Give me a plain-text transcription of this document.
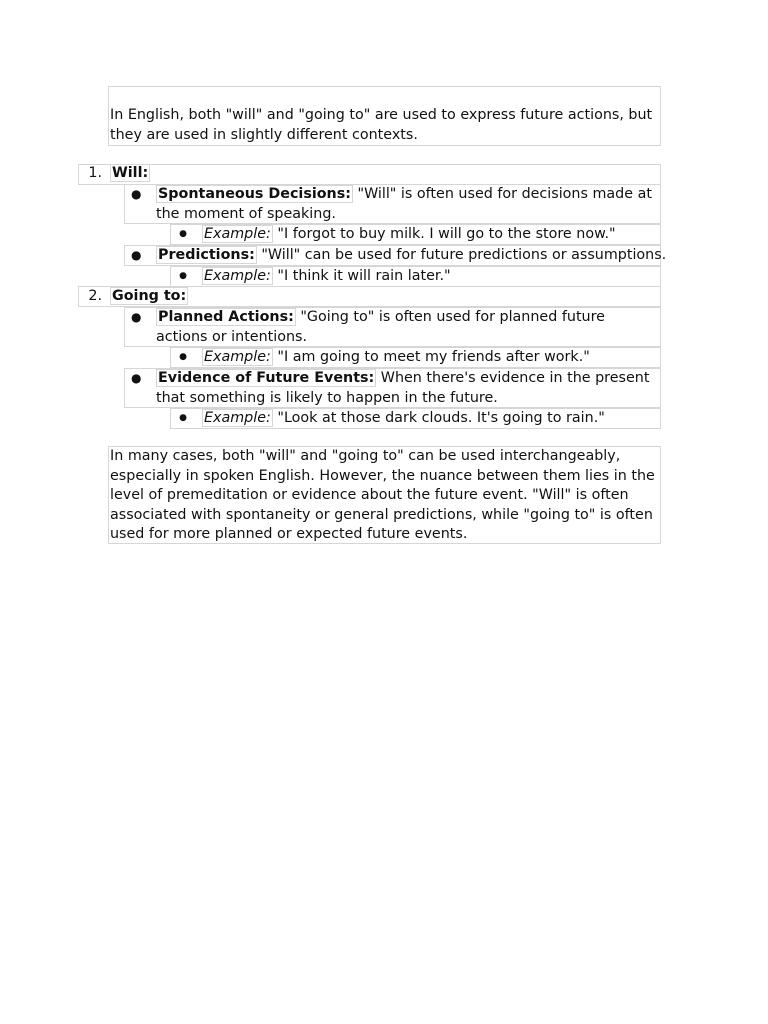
In English, both "will" and "going to" are used to express future actions, but they are used in slightly different contexts.
1. Will:
● Spontaneous Decisions: "Will" is often used for decisions made at the moment of speaking.
● Example: "I forgot to buy milk. I will go to the store now."
● Predictions: "Will" can be used for future predictions or assumptions.
● Example: "I think it will rain later."
2. Going to:
● Planned Actions: "Going to" is often used for planned future actions or intentions.
● Example: "I am going to meet my friends after work."
● Evidence of Future Events: When there's evidence in the present that something is likely to happen in the future.
● Example: "Look at those dark clouds. It's going to rain."
In many cases, both "will" and "going to" can be used interchangeably, especially in spoken English. However, the nuance between them lies in the level of premeditation or evidence about the future event. "Will" is often associated with spontaneity or general predictions, while "going to" is often used for more planned or expected future events.
